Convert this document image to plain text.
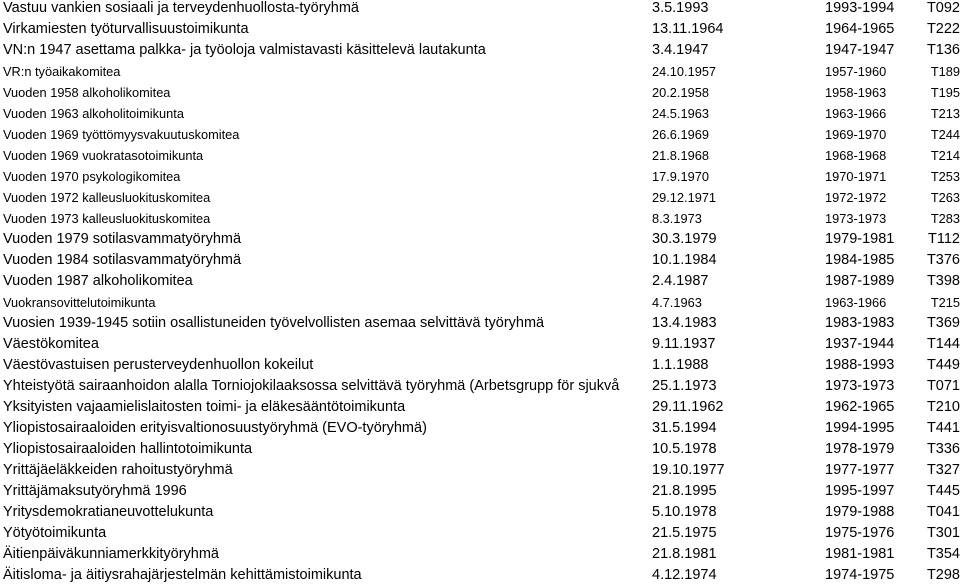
Vastuu vankien sosiaali ja terveydenhuollosta-työryhmä	3.5.1993	1993-1994	T092
Virkamiesten työturvallisuustoimikunta	13.11.1964	1964-1965	T222
VN:n 1947 asettama palkka- ja työoloja valmistavasti käsittelevä lautakunta	3.4.1947	1947-1947	T136
VR:n työaikakomitea	24.10.1957	1957-1960	T189
Vuoden 1958 alkoholikomitea	20.2.1958	1958-1963	T195
Vuoden 1963 alkoholitoimikunta	24.5.1963	1963-1966	T213
Vuoden 1969 työttömyysvakuutuskomitea	26.6.1969	1969-1970	T244
Vuoden 1969 vuokratasotoimikunta	21.8.1968	1968-1968	T214
Vuoden 1970 psykologikomitea	17.9.1970	1970-1971	T253
Vuoden 1972 kalleusluokituskomitea	29.12.1971	1972-1972	T263
Vuoden 1973 kalleusluokituskomitea	8.3.1973	1973-1973	T283
Vuoden 1979 sotilasvammatyöryhmä	30.3.1979	1979-1981	T112
Vuoden 1984 sotilasvammatyöryhmä	10.1.1984	1984-1985	T376
Vuoden 1987 alkoholikomitea	2.4.1987	1987-1989	T398
Vuokransovittelutoimikunta	4.7.1963	1963-1966	T215
Vuosien 1939-1945 sotiin osallistuneiden työvelvollisten asemaa selvittävä työryhmä	13.4.1983	1983-1983	T369
Väestökomitea	9.11.1937	1937-1944	T144
Väestövastuisen perusterveydenhuollon kokeilut	1.1.1988	1988-1993	T449
Yhteistyötä sairaanhoidon alalla Torniojokilaaksossa selvittävä työryhmä (Arbetsgrupp för sjukvå	25.1.1973	1973-1973	T071
Yksityisten vajaamielislaitosten toimi- ja eläkesääntötoimikunta	29.11.1962	1962-1965	T210
Yliopistosairaaloiden erityisvaltionosuustyöryhmä (EVO-työryhmä)	31.5.1994	1994-1995	T441
Yliopistosairaaloiden hallintotoimikunta	10.5.1978	1978-1979	T336
Yrittäjäeläkkeiden rahoitustyöryhmä	19.10.1977	1977-1977	T327
Yrittäjämaksutyöryhmä 1996	21.8.1995	1995-1997	T445
Yritysdemokratianeuvottelukunta	5.10.1978	1979-1988	T041
Yötyötoimikunta	21.5.1975	1975-1976	T301
Äitienpäiväkunniamerkkityöryhmä	21.8.1981	1981-1981	T354
Äitisloma- ja äitiysrahajärjestelmän kehittämistoimikunta	4.12.1974	1974-1975	T298
